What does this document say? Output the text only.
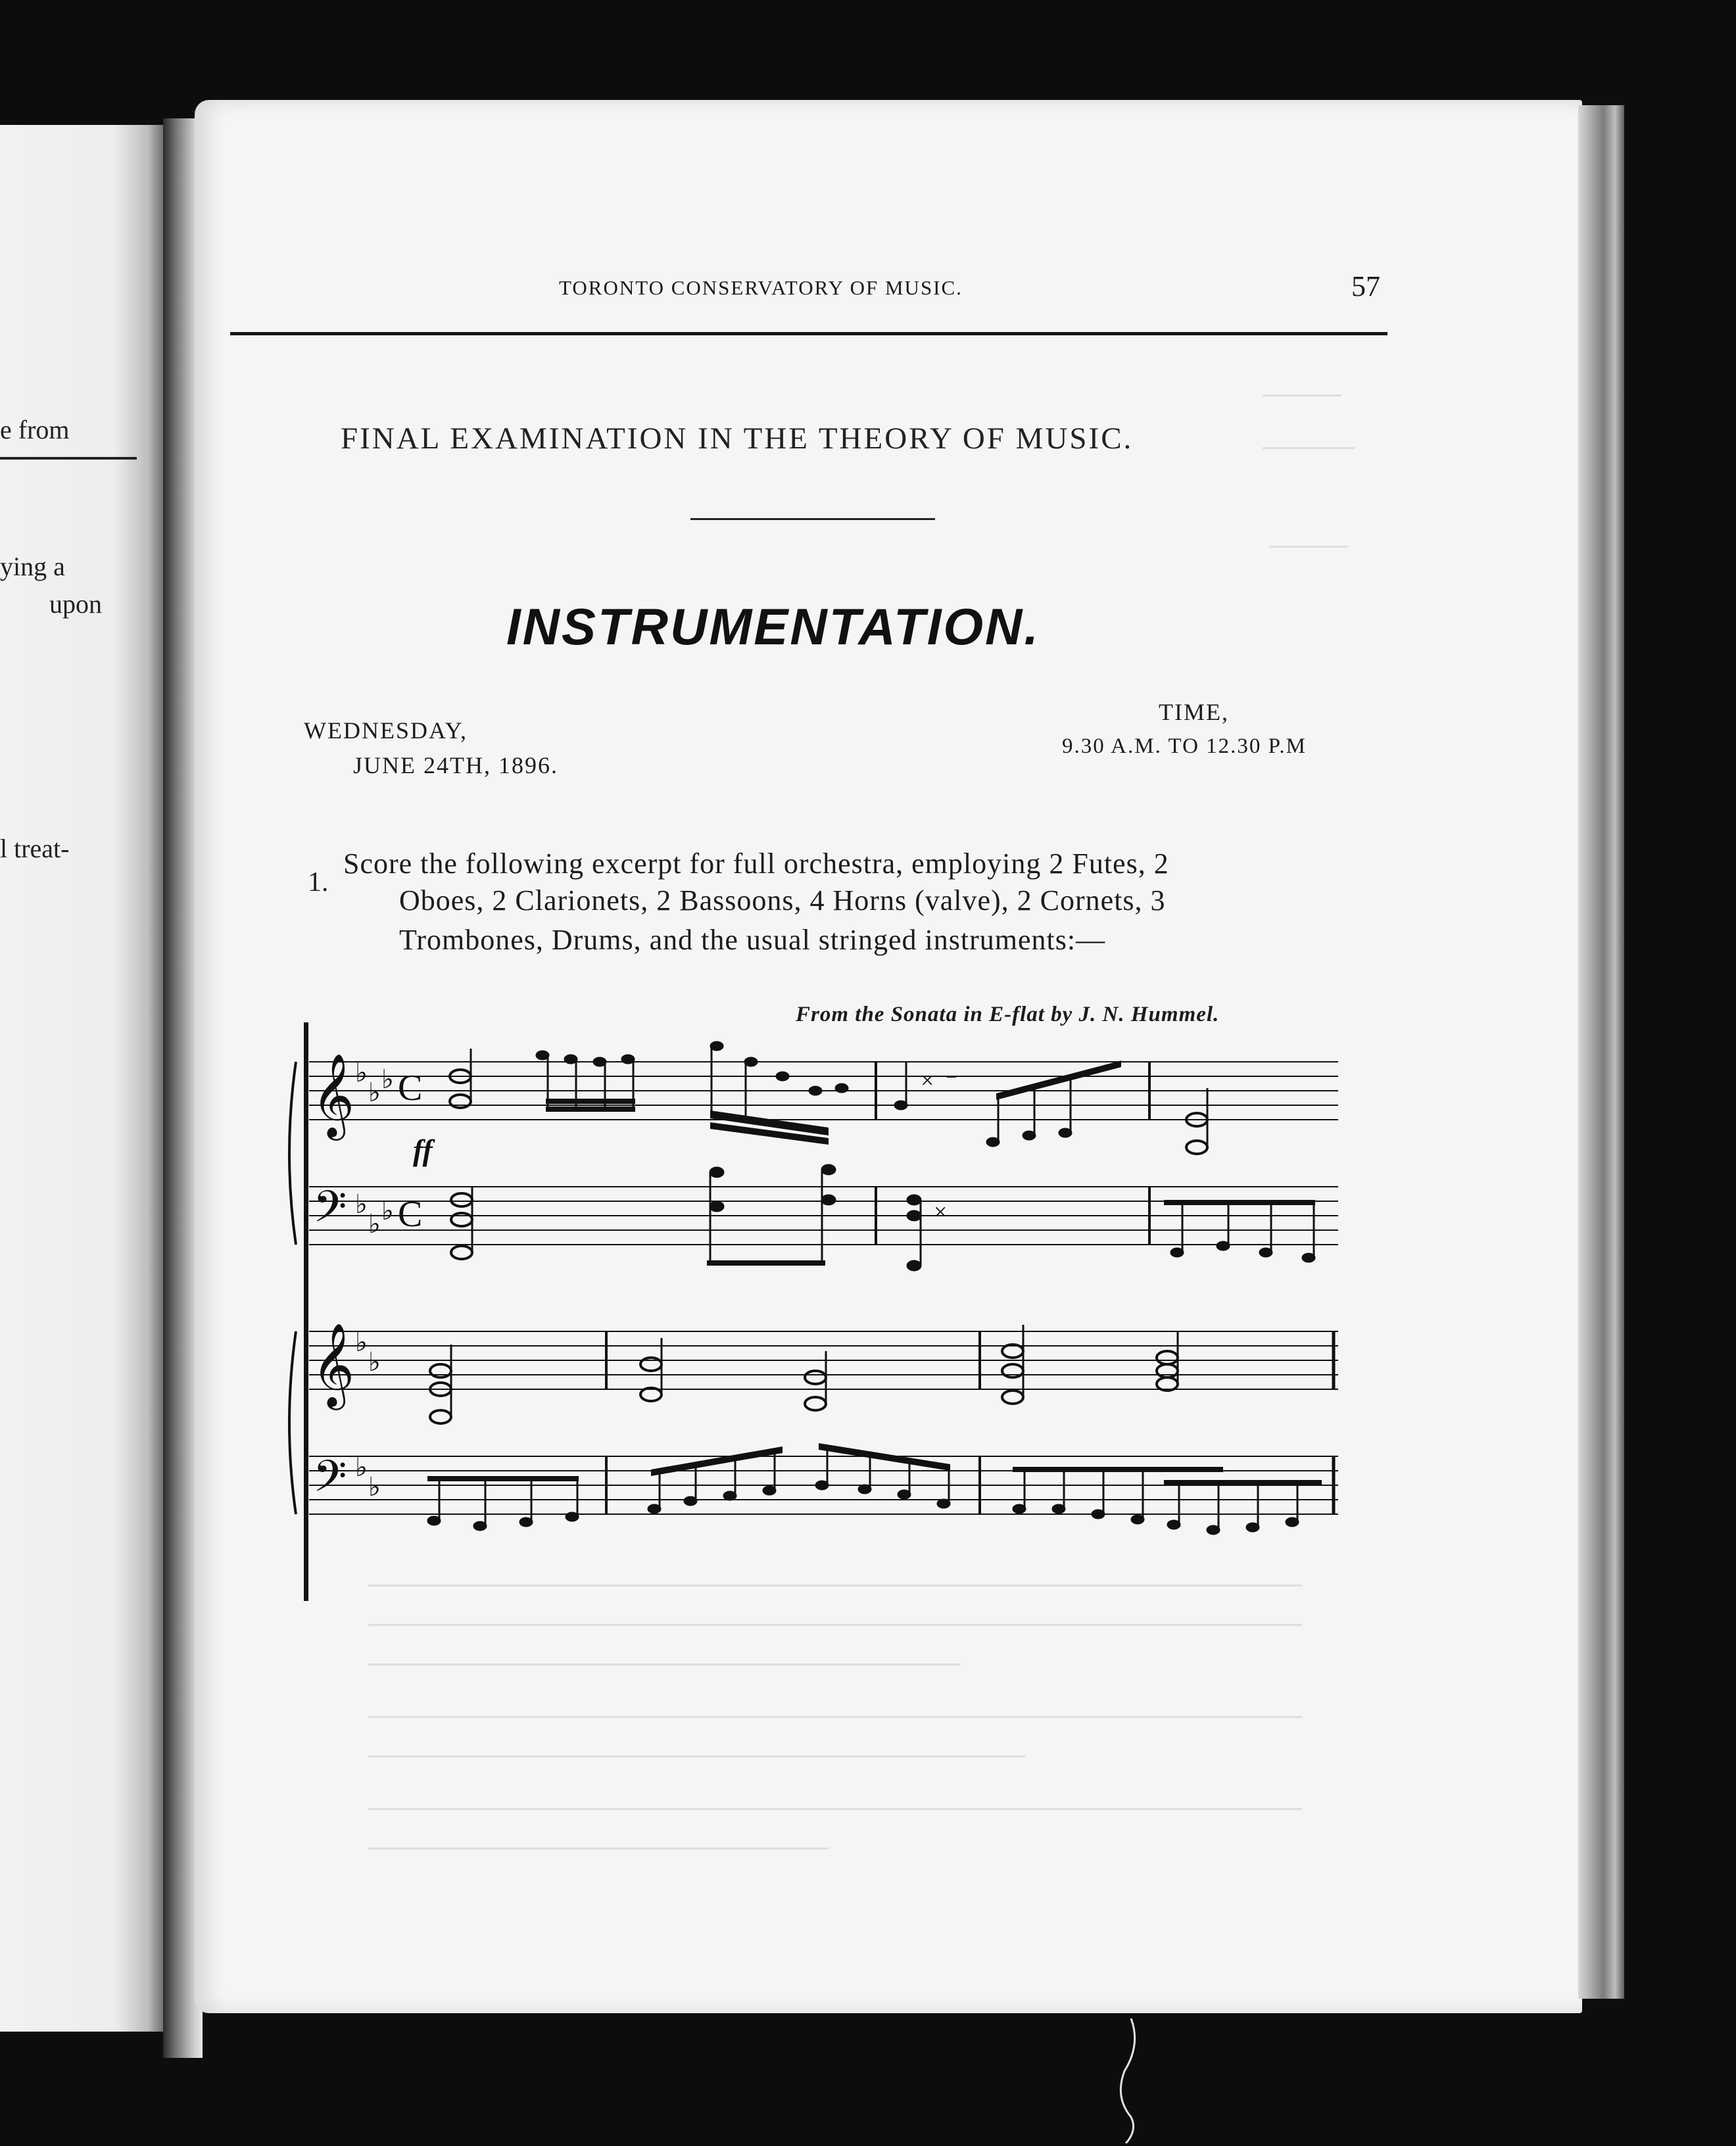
e from
ying a
upon
l treat-
TORONTO CONSERVATORY OF MUSIC.	57
FINAL EXAMINATION IN THE THEORY OF MUSIC.
INSTRUMENTATION.
WEDNESDAY,
JUNE 24TH, 1896.
TIME,
9.30 A.M. TO 12.30 P.M
1.
Score the following excerpt for full orchestra, employing 2 Futes, 2
Oboes, 2 Clarionets, 2 Bassoons, 4 Horns (valve), 2 Cornets, 3
Trombones, Drums, and the usual stringed instruments:—
From the Sonata in E-flat by J. N. Hummel.
𝄞
𝄢
𝄞
𝄢
♭
♭ ♭
♭
♭ ♭
♭
♭
♭
♭
C
C
ff
× –
×
